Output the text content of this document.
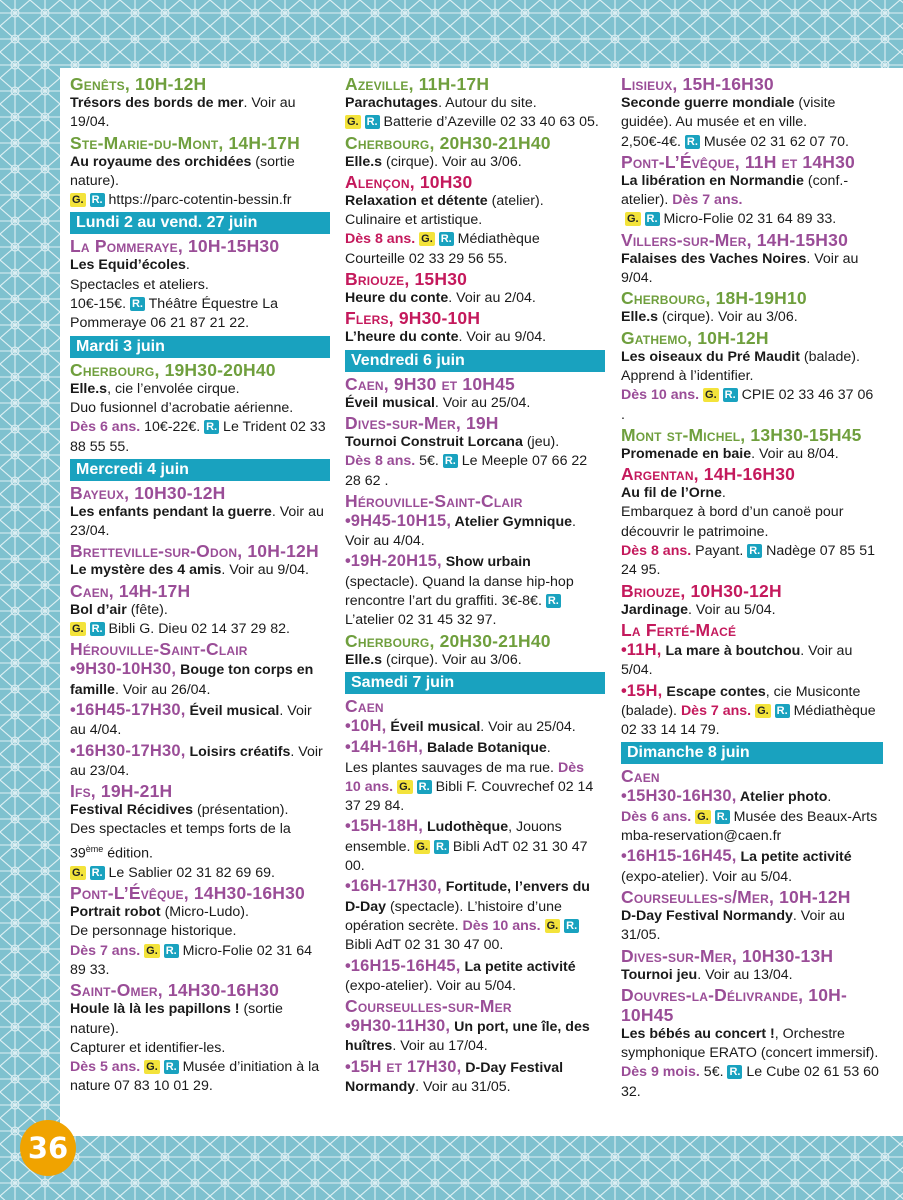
Genêts, 10H-12H
Trésors des bords de mer. Voir au 19/04.
Ste-Marie-du-Mont, 14H-17H
Au royaume des orchidées (sortie nature).
G. R. https://parc-cotentin-bessin.fr
Lundi 2 au vend. 27 juin
La Pommeraye, 10H-15H30
Les Equid’écoles.
Spectacles et ateliers.
10€-15€. R. Théâtre Équestre La Pommeraye 06 21 87 21 22.
Mardi 3 juin
Cherbourg, 19H30-20H40
Elle.s, cie l’envolée cirque.
Duo fusionnel d’acrobatie aérienne.
Dès 6 ans. 10€-22€. R. Le Trident 02 33 88 55 55.
Mercredi 4 juin
Bayeux, 10H30-12H
Les enfants pendant la guerre. Voir au 23/04.
Bretteville-sur-Odon, 10H-12H
Le mystère des 4 amis. Voir au 9/04.
Caen, 14H-17H
Bol d’air (fête).
G. R. Bibli G. Dieu 02 14 37 29 82.
Hérouville-Saint-Clair
•9H30-10H30, Bouge ton corps en famille. Voir au 26/04.
•16H45-17H30, Éveil musical. Voir au 4/04.
•16H30-17H30, Loisirs créatifs. Voir au 23/04.
Ifs, 19H-21H
Festival Récidives (présentation).
Des spectacles et temps forts de la 39ème édition.
G. R. Le Sablier 02 31 82 69 69.
Pont-L’Évêque, 14H30-16H30
Portrait robot (Micro-Ludo).
De personnage historique.
Dès 7 ans. G. R. Micro-Folie 02 31 64 89 33.
Saint-Omer, 14H30-16H30
Houle là là les papillons ! (sortie nature).
Capturer et identifier-les.
Dès 5 ans. G. R. Musée d’initiation à la nature 07 83 10 01 29.
Azeville, 11H-17H
Parachutages. Autour du site.
G. R. Batterie d’Azeville 02 33 40 63 05.
Cherbourg, 20H30-21H40
Elle.s (cirque). Voir au 3/06.
Alençon, 10H30
Relaxation et détente (atelier).
Culinaire et artistique.
Dès 8 ans. G. R. Médiathèque Courteille 02 33 29 56 55.
Briouze, 15H30
Heure du conte. Voir au 2/04.
Flers, 9H30-10H
L’heure du conte. Voir au 9/04.
Vendredi 6 juin
Caen, 9H30 et 10H45
Éveil musical. Voir au 25/04.
Dives-sur-Mer, 19H
Tournoi Construit Lorcana (jeu).
Dès 8 ans. 5€. R. Le Meeple 07 66 22 28 62 .
Hérouville-Saint-Clair
•9H45-10H15, Atelier Gymnique. Voir au 4/04.
•19H-20H15, Show urbain (spectacle). Quand la danse hip-hop rencontre l’art du graffiti. 3€-8€. R. L’atelier 02 31 45 32 97.
Cherbourg, 20H30-21H40
Elle.s (cirque). Voir au 3/06.
Samedi 7 juin
Caen
•10H, Éveil musical. Voir au 25/04.
•14H-16H, Balade Botanique.
Les plantes sauvages de ma rue. Dès 10 ans. G. R. Bibli F. Couvrechef 02 14 37 29 84.
•15H-18H, Ludothèque, Jouons ensemble. G. R. Bibli AdT 02 31 30 47 00.
•16H-17H30, Fortitude, l’envers du D-Day (spectacle). L’histoire d’une opération secrète. Dès 10 ans. G. R. Bibli AdT 02 31 30 47 00.
•16H15-16H45, La petite activité (expo-atelier). Voir au 5/04.
Courseulles-sur-Mer
•9H30-11H30, Un port, une île, des huîtres. Voir au 17/04.
•15H et 17H30, D-Day Festival Normandy. Voir au 31/05.
Lisieux, 15H-16H30
Seconde guerre mondiale (visite guidée). Au musée et en ville.
2,50€-4€. R. Musée 02 31 62 07 70.
Pont-L’Évêque, 11H et 14H30
La libération en Normandie (conf.-atelier). Dès 7 ans.
G. R. Micro-Folie 02 31 64 89 33.
Villers-sur-Mer, 14H-15H30
Falaises des Vaches Noires. Voir au 9/04.
Cherbourg, 18H-19H10
Elle.s (cirque). Voir au 3/06.
Gathemo, 10H-12H
Les oiseaux du Pré Maudit (balade).
Apprend à l’identifier.
Dès 10 ans. G. R. CPIE 02 33 46 37 06 .
Mont st-Michel, 13H30-15H45
Promenade en baie. Voir au 8/04.
Argentan, 14H-16H30
Au fil de l’Orne.
Embarquez à bord d’un canoë pour découvrir le patrimoine.
Dès 8 ans. Payant. R. Nadège 07 85 51 24 95.
Briouze, 10H30-12H
Jardinage. Voir au 5/04.
La Ferté-Macé
•11H, La mare à boutchou. Voir au 5/04.
•15H, Escape contes, cie Musiconte (balade). Dès 7 ans. G. R. Médiathèque 02 33 14 14 79.
Dimanche 8 juin
Caen
•15H30-16H30, Atelier photo.
Dès 6 ans. G. R. Musée des Beaux-Arts mba-reservation@caen.fr
•16H15-16H45, La petite activité (expo-atelier). Voir au 5/04.
Courseulles-s/Mer, 10H-12H
D-Day Festival Normandy. Voir au 31/05.
Dives-sur-Mer, 10H30-13H
Tournoi jeu. Voir au 13/04.
Douvres-la-Délivrande, 10H-10H45
Les bébés au concert !, Orchestre symphonique ERATO (concert immersif).
Dès 9 mois. 5€. R. Le Cube 02 61 53 60 32.
36
